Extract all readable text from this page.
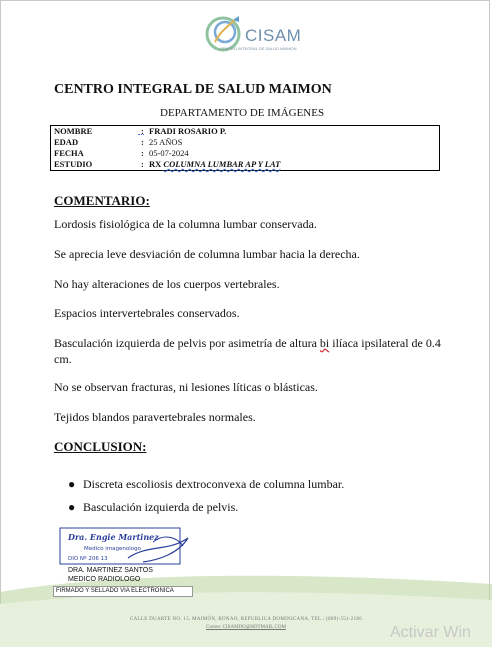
CISAM
CENTRO INTEGRAL DE SALUD MAIMON
CENTRO INTEGRAL DE SALUD MAIMON
DEPARTAMENTO DE IMÁGENES
NOMBRE	: FRADI ROSARIO P.
EDAD	: 25 AÑOS
FECHA	: 05-07-2024
ESTUDIO	: RX COLUMNA LUMBAR AP Y LAT
COMENTARIO:
Lordosis fisiológica de la columna lumbar conservada.
Se aprecia leve desviación de columna lumbar hacia la derecha.
No hay alteraciones de los cuerpos vertebrales.
Espacios intervertebrales conservados.
Basculación izquierda de pelvis por asimetría de altura bi ilíaca ipsilateral de 0.4 cm.
No se observan fracturas, ni lesiones líticas o blásticas.
Tejidos blandos paravertebrales normales.
CONCLUSION:
● Discreta escoliosis dextroconvexa de columna lumbar.
● Basculación izquierda de pelvis.
Dra. Engie Martinez
Medico imagenologo
DIO Nº 206 13
DRA. MARTINEZ SANTOS
MEDICO RADIOLOGO
FIRMADO Y SELLADO VIA ELECTRONICA
CALLE DUARTE NO. 15, MAIMÓN, BONAO, REPUBLICA DOMINICANA, TEL.: (809)-551-2186
Correo: CISAMDO@HOTMAIL.COM	Activar Win
